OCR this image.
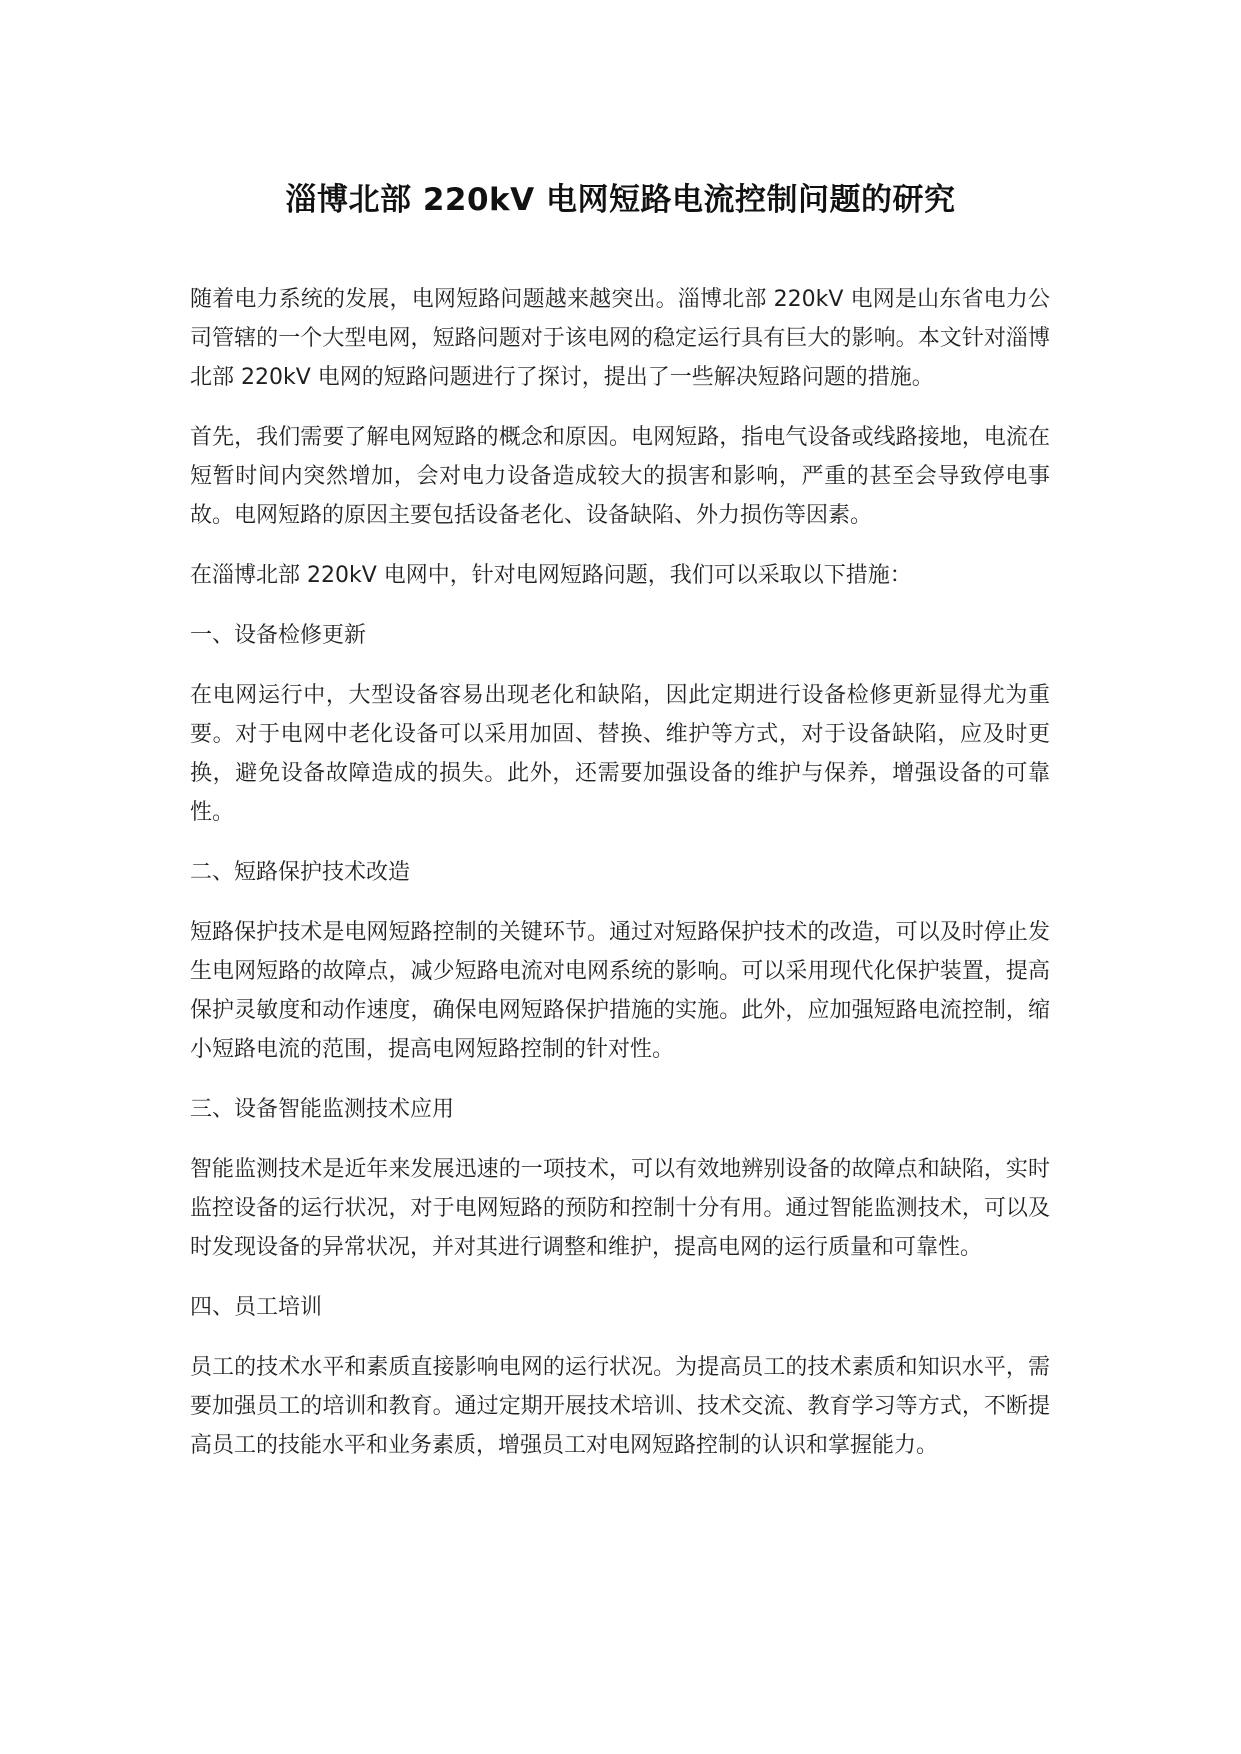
淄博北部 220kV 电网短路电流控制问题的研究

随着电力系统的发展，电网短路问题越来越突出。淄博北部 220kV 电网是山东省电力公司管辖的一个大型电网，短路问题对于该电网的稳定运行具有巨大的影响。本文针对淄博北部 220kV 电网的短路问题进行了探讨，提出了一些解决短路问题的措施。

首先，我们需要了解电网短路的概念和原因。电网短路，指电气设备或线路接地，电流在短暂时间内突然增加，会对电力设备造成较大的损害和影响，严重的甚至会导致停电事故。电网短路的原因主要包括设备老化、设备缺陷、外力损伤等因素。

在淄博北部 220kV 电网中，针对电网短路问题，我们可以采取以下措施：

一、设备检修更新

在电网运行中，大型设备容易出现老化和缺陷，因此定期进行设备检修更新显得尤为重要。对于电网中老化设备可以采用加固、替换、维护等方式，对于设备缺陷，应及时更换，避免设备故障造成的损失。此外，还需要加强设备的维护与保养，增强设备的可靠性。

二、短路保护技术改造

短路保护技术是电网短路控制的关键环节。通过对短路保护技术的改造，可以及时停止发生电网短路的故障点，减少短路电流对电网系统的影响。可以采用现代化保护装置，提高保护灵敏度和动作速度，确保电网短路保护措施的实施。此外，应加强短路电流控制，缩小短路电流的范围，提高电网短路控制的针对性。

三、设备智能监测技术应用

智能监测技术是近年来发展迅速的一项技术，可以有效地辨别设备的故障点和缺陷，实时监控设备的运行状况，对于电网短路的预防和控制十分有用。通过智能监测技术，可以及时发现设备的异常状况，并对其进行调整和维护，提高电网的运行质量和可靠性。

四、员工培训

员工的技术水平和素质直接影响电网的运行状况。为提高员工的技术素质和知识水平，需要加强员工的培训和教育。通过定期开展技术培训、技术交流、教育学习等方式，不断提高员工的技能水平和业务素质，增强员工对电网短路控制的认识和掌握能力。
